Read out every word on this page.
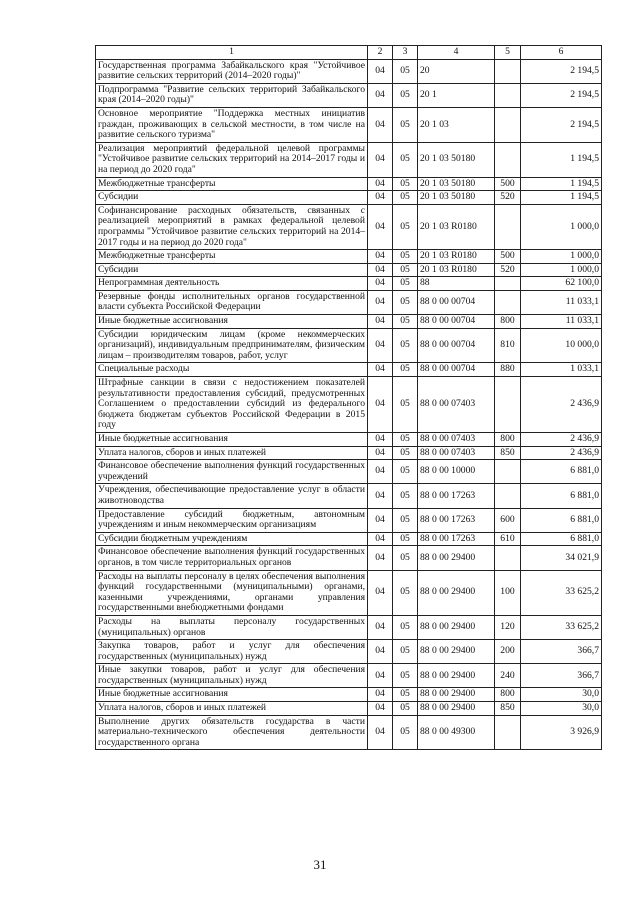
1	2	3	4	5	6
Государственная программа Забайкальского края "Устойчивое развитие сельских территорий (2014–2020 годы)"	04	05	20		2 194,5
Подпрограмма "Развитие сельских территорий Забайкальского края (2014–2020 годы)"	04	05	20 1		2 194,5
Основное мероприятие "Поддержка местных инициатив граждан, проживающих в сельской местности, в том числе на развитие сельского туризма"	04	05	20 1 03		2 194,5
Реализация мероприятий федеральной целевой программы "Устойчивое развитие сельских территорий на 2014–2017 годы и на период до 2020 года"	04	05	20 1 03 50180		1 194,5
Межбюджетные трансферты	04	05	20 1 03 50180	500	1 194,5
Субсидии	04	05	20 1 03 50180	520	1 194,5
Софинансирование расходных обязательств, связанных с реализацией мероприятий в рамках федеральной целевой программы "Устойчивое развитие сельских территорий на 2014–2017 годы и на период до 2020 года"	04	05	20 1 03 R0180		1 000,0
Межбюджетные трансферты	04	05	20 1 03 R0180	500	1 000,0
Субсидии	04	05	20 1 03 R0180	520	1 000,0
Непрограммная деятельность	04	05	88		62 100,0
Резервные фонды исполнительных органов государственной власти субъекта Российской Федерации	04	05	88 0 00 00704		11 033,1
Иные бюджетные ассигнования	04	05	88 0 00 00704	800	11 033,1
Субсидии юридическим лицам (кроме некоммерческих организаций), индивидуальным предпринимателям, физическим лицам – производителям товаров, работ, услуг	04	05	88 0 00 00704	810	10 000,0
Специальные расходы	04	05	88 0 00 00704	880	1 033,1
Штрафные санкции в связи с недостижением показателей результативности предоставления субсидий, предусмотренных Соглашением о предоставлении субсидий из федерального бюджета бюджетам субъектов Российской Федерации в 2015 году	04	05	88 0 00 07403		2 436,9
Иные бюджетные ассигнования	04	05	88 0 00 07403	800	2 436,9
Уплата налогов, сборов и иных платежей	04	05	88 0 00 07403	850	2 436,9
Финансовое обеспечение выполнения функций государственных учреждений	04	05	88 0 00 10000		6 881,0
Учреждения, обеспечивающие предоставление услуг в области животноводства	04	05	88 0 00 17263		6 881,0
Предоставление субсидий бюджетным, автономным учреждениям и иным некоммерческим организациям	04	05	88 0 00 17263	600	6 881,0
Субсидии бюджетным учреждениям	04	05	88 0 00 17263	610	6 881,0
Финансовое обеспечение выполнения функций государственных органов, в том числе территориальных органов	04	05	88 0 00 29400		34 021,9
Расходы на выплаты персоналу в целях обеспечения выполнения функций государственными (муниципальными) органами, казенными учреждениями, органами управления государственными внебюджетными фондами	04	05	88 0 00 29400	100	33 625,2
Расходы на выплаты персоналу государственных (муниципальных) органов	04	05	88 0 00 29400	120	33 625,2
Закупка товаров, работ и услуг для обеспечения государственных (муниципальных) нужд	04	05	88 0 00 29400	200	366,7
Иные закупки товаров, работ и услуг для обеспечения государственных (муниципальных) нужд	04	05	88 0 00 29400	240	366,7
Иные бюджетные ассигнования	04	05	88 0 00 29400	800	30,0
Уплата налогов, сборов и иных платежей	04	05	88 0 00 29400	850	30,0
Выполнение других обязательств государства в части материально-технического обеспечения деятельности государственного органа	04	05	88 0 00 49300		3 926,9
31
